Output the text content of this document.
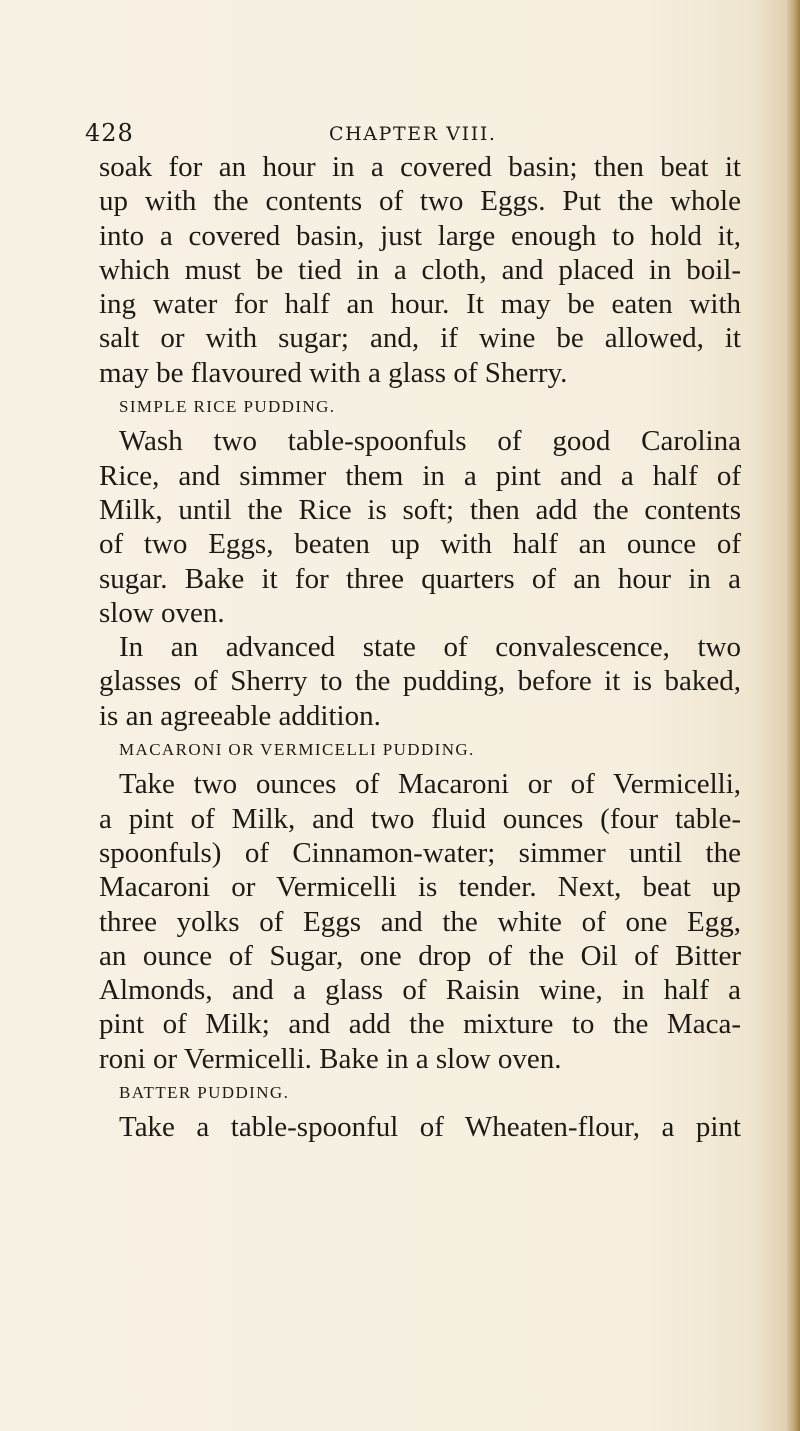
428	CHAPTER VIII.
soak for an hour in a covered basin; then beat it
up with the contents of two Eggs. Put the whole
into a covered basin, just large enough to hold it,
which must be tied in a cloth, and placed in boil-
ing water for half an hour. It may be eaten with
salt or with sugar; and, if wine be allowed, it
may be flavoured with a glass of Sherry.
SIMPLE RICE PUDDING.
Wash two table-spoonfuls of good Carolina
Rice, and simmer them in a pint and a half of
Milk, until the Rice is soft; then add the contents
of two Eggs, beaten up with half an ounce of
sugar. Bake it for three quarters of an hour in a
slow oven.
In an advanced state of convalescence, two
glasses of Sherry to the pudding, before it is baked,
is an agreeable addition.
MACARONI OR VERMICELLI PUDDING.
Take two ounces of Macaroni or of Vermicelli,
a pint of Milk, and two fluid ounces (four table-
spoonfuls) of Cinnamon-water; simmer until the
Macaroni or Vermicelli is tender. Next, beat up
three yolks of Eggs and the white of one Egg,
an ounce of Sugar, one drop of the Oil of Bitter
Almonds, and a glass of Raisin wine, in half a
pint of Milk; and add the mixture to the Maca-
roni or Vermicelli. Bake in a slow oven.
BATTER PUDDING.
Take a table-spoonful of Wheaten-flour, a pint
